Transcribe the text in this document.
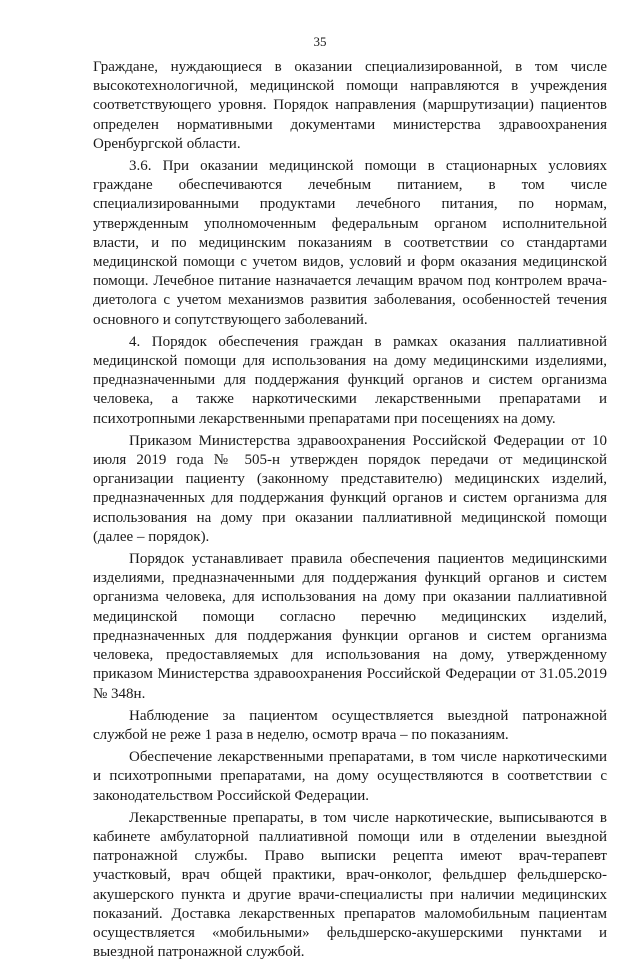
35

Граждане, нуждающиеся в оказании специализированной, в том числе высокотехнологичной, медицинской помощи направляются в учреждения соответствующего уровня. Порядок направления (маршрутизации) пациентов определен нормативными документами министерства здравоохранения Оренбургской области.

3.6. При оказании медицинской помощи в стационарных условиях граждане обеспечиваются лечебным питанием, в том числе специализированными продуктами лечебного питания, по нормам, утвержденным уполномоченным федеральным органом исполнительной власти, и по медицинским показаниям в соответствии со стандартами медицинской помощи с учетом видов, условий и форм оказания медицинской помощи. Лечебное питание назначается лечащим врачом под контролем врача-диетолога с учетом механизмов развития заболевания, особенностей течения основного и сопутствующего заболеваний.

4. Порядок обеспечения граждан в рамках оказания паллиативной медицинской помощи для использования на дому медицинскими изделиями, предназначенными для поддержания функций органов и систем организма человека, а также наркотическими лекарственными препаратами и психотропными лекарственными препаратами при посещениях на дому.

Приказом Министерства здравоохранения Российской Федерации от 10 июля 2019 года № 505-н утвержден порядок передачи от медицинской организации пациенту (законному представителю) медицинских изделий, предназначенных для поддержания функций органов и систем организма для использования на дому при оказании паллиативной медицинской помощи (далее – порядок).

Порядок устанавливает правила обеспечения пациентов медицинскими изделиями, предназначенными для поддержания функций органов и систем организма человека, для использования на дому при оказании паллиативной медицинской помощи согласно перечню медицинских изделий, предназначенных для поддержания функции органов и систем организма человека, предоставляемых для использования на дому, утвержденному приказом Министерства здравоохранения Российской Федерации от 31.05.2019 № 348н.

Наблюдение за пациентом осуществляется выездной патронажной службой не реже 1 раза в неделю, осмотр врача – по показаниям.

Обеспечение лекарственными препаратами, в том числе наркотическими и психотропными препаратами, на дому осуществляются в соответствии с законодательством Российской Федерации.

Лекарственные препараты, в том числе наркотические, выписываются в кабинете амбулаторной паллиативной помощи или в отделении выездной патронажной службы. Право выписки рецепта имеют врач-терапевт участковый, врач общей практики, врач-онколог, фельдшер фельдшерско-акушерского пункта и другие врачи-специалисты при наличии медицинских показаний. Доставка лекарственных препаратов маломобильным пациентам осуществляется «мобильными» фельдшерско-акушерскими пунктами и выездной патронажной службой.
